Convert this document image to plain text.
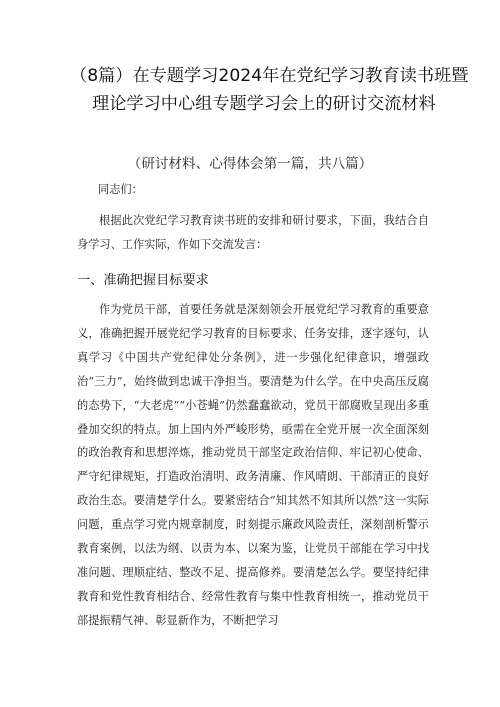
（8篇）在专题学习2024年在党纪学习教育读书班暨
理论学习中心组专题学习会上的研讨交流材料
（研讨材料、心得体会第一篇，共八篇）
同志们：
根据此次党纪学习教育读书班的安排和研讨要求，下面，我结合自身学习、工作实际，作如下交流发言：
一、准确把握目标要求
作为党员干部，首要任务就是深刻领会开展党纪学习教育的重要意义，准确把握开展党纪学习教育的目标要求、任务安排，逐字逐句，认真学习《中国共产党纪律处分条例》，进一步强化纪律意识，增强政治“三力”，始终做到忠诚干净担当。要清楚为什么学。在中央高压反腐的态势下，“大老虎”“小苍蝇”仍然蠢蠢欲动，党员干部腐败呈现出多重叠加交织的特点。加上国内外严峻形势，亟需在全党开展一次全面深刻的政治教育和思想淬炼，推动党员干部坚定政治信仰、牢记初心使命、严守纪律规矩，打造政治清明、政务清廉、作风晴朗、干部清正的良好政治生态。要清楚学什么。要紧密结合“知其然不知其所以然”这一实际问题，重点学习党内规章制度，时刻提示廉政风险责任，深刻剖析警示教育案例，以法为纲、以责为本、以案为鉴，让党员干部能在学习中找准问题、理顺症结、整改不足、提高修养。要清楚怎么学。要坚持纪律教育和党性教育相结合、经常性教育与集中性教育相统一，推动党员干部提振精气神、彰显新作为，不断把学习
